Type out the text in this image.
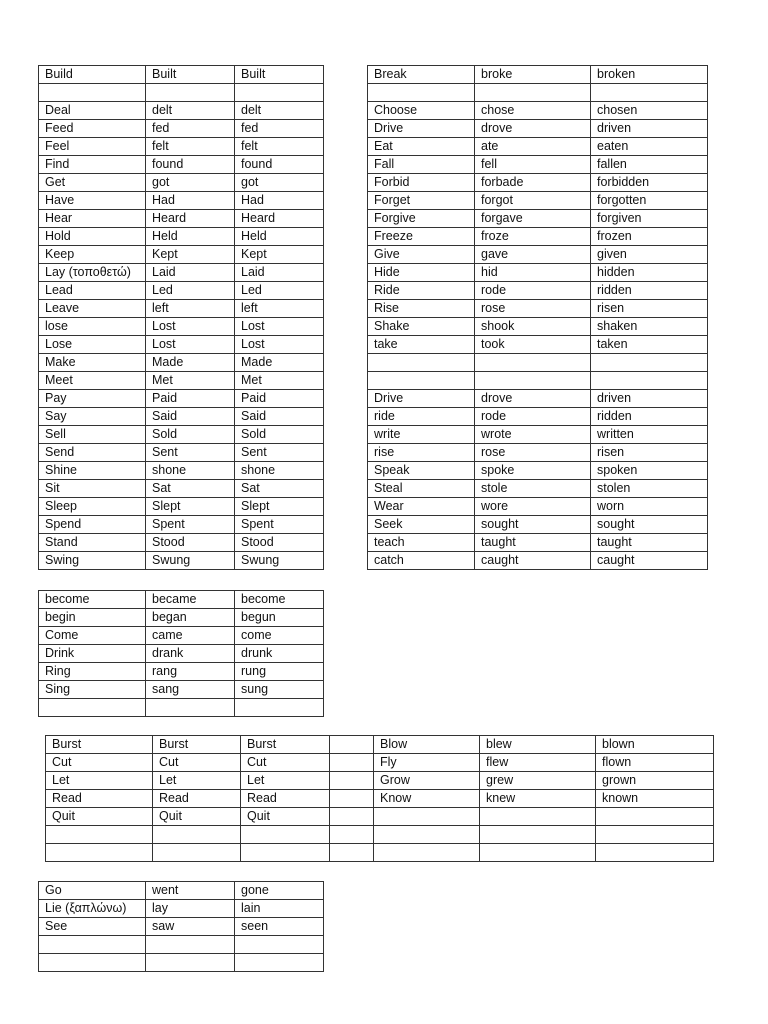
Build	Built	Built

Deal	delt	delt
Feed	fed	fed
Feel	felt	felt
Find	found	found
Get	got	got
Have	Had	Had
Hear	Heard	Heard
Hold	Held	Held
Keep	Kept	Kept
Lay (τοποθετώ)	Laid	Laid
Lead	Led	Led
Leave	left	left
lose	Lost	Lost
Lose	Lost	Lost
Make	Made	Made
Meet	Met	Met
Pay	Paid	Paid
Say	Said	Said
Sell	Sold	Sold
Send	Sent	Sent
Shine	shone	shone
Sit	Sat	Sat
Sleep	Slept	Slept
Spend	Spent	Spent
Stand	Stood	Stood
Swing	Swung	Swung
Break	broke	broken

Choose	chose	chosen
Drive	drove	driven
Eat	ate	eaten
Fall	fell	fallen
Forbid	forbade	forbidden
Forget	forgot	forgotten
Forgive	forgave	forgiven
Freeze	froze	frozen
Give	gave	given
Hide	hid	hidden
Ride	rode	ridden
Rise	rose	risen
Shake	shook	shaken
take	took	taken

Drive	drove	driven
ride	rode	ridden
write	wrote	written
rise	rose	risen
Speak	spoke	spoken
Steal	stole	stolen
Wear	wore	worn
Seek	sought	sought
teach	taught	taught
catch	caught	caught
become	became	become
begin	began	begun
Come	came	come
Drink	drank	drunk
Ring	rang	rung
Sing	sang	sung

Burst	Burst	Burst		Blow	blew	blown
Cut	Cut	Cut		Fly	flew	flown
Let	Let	Let		Grow	grew	grown
Read	Read	Read		Know	knew	known
Quit	Quit	Quit				

Go	went	gone
Lie (ξαπλώνω)	lay	lain
See	saw	seen
